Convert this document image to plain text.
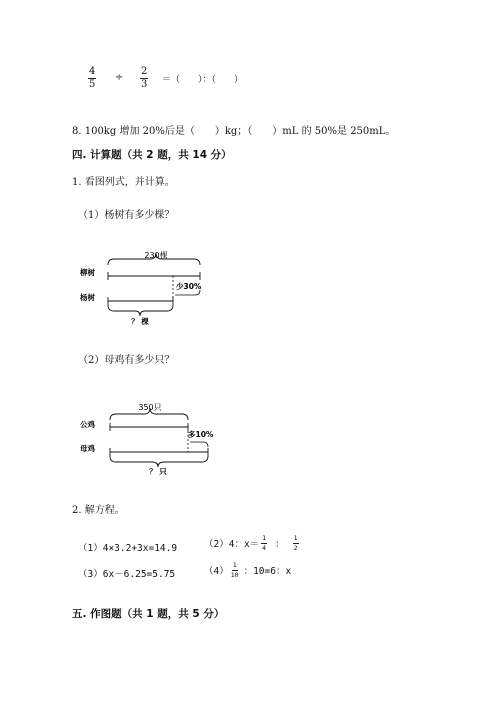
$\frac{4}{5} \div \frac{2}{3}$ ＝（　　）：（　　）
8. 100kg 增加 20%后是（　　）kg；（　　）mL 的 50%是 250mL。
四. 计算题（共 2 题，共 14 分）
1. 看图列式，并计算。
（1）杨树有多少棵？
230棵
柳树
杨树
少30%
？ 棵
（2）母鸡有多少只？
350只
公鸡
母鸡
多10%
？ 只
2. 解方程。
（1）4×3.2+3x=14.9	（2）4：$x= \frac{1}{4}$ ： $\frac{1}{2}$
（3）6x－6.25=5.75	$(4) \frac{1}{10}$ ：10=6：x
五. 作图题（共 1 题，共 5 分）
